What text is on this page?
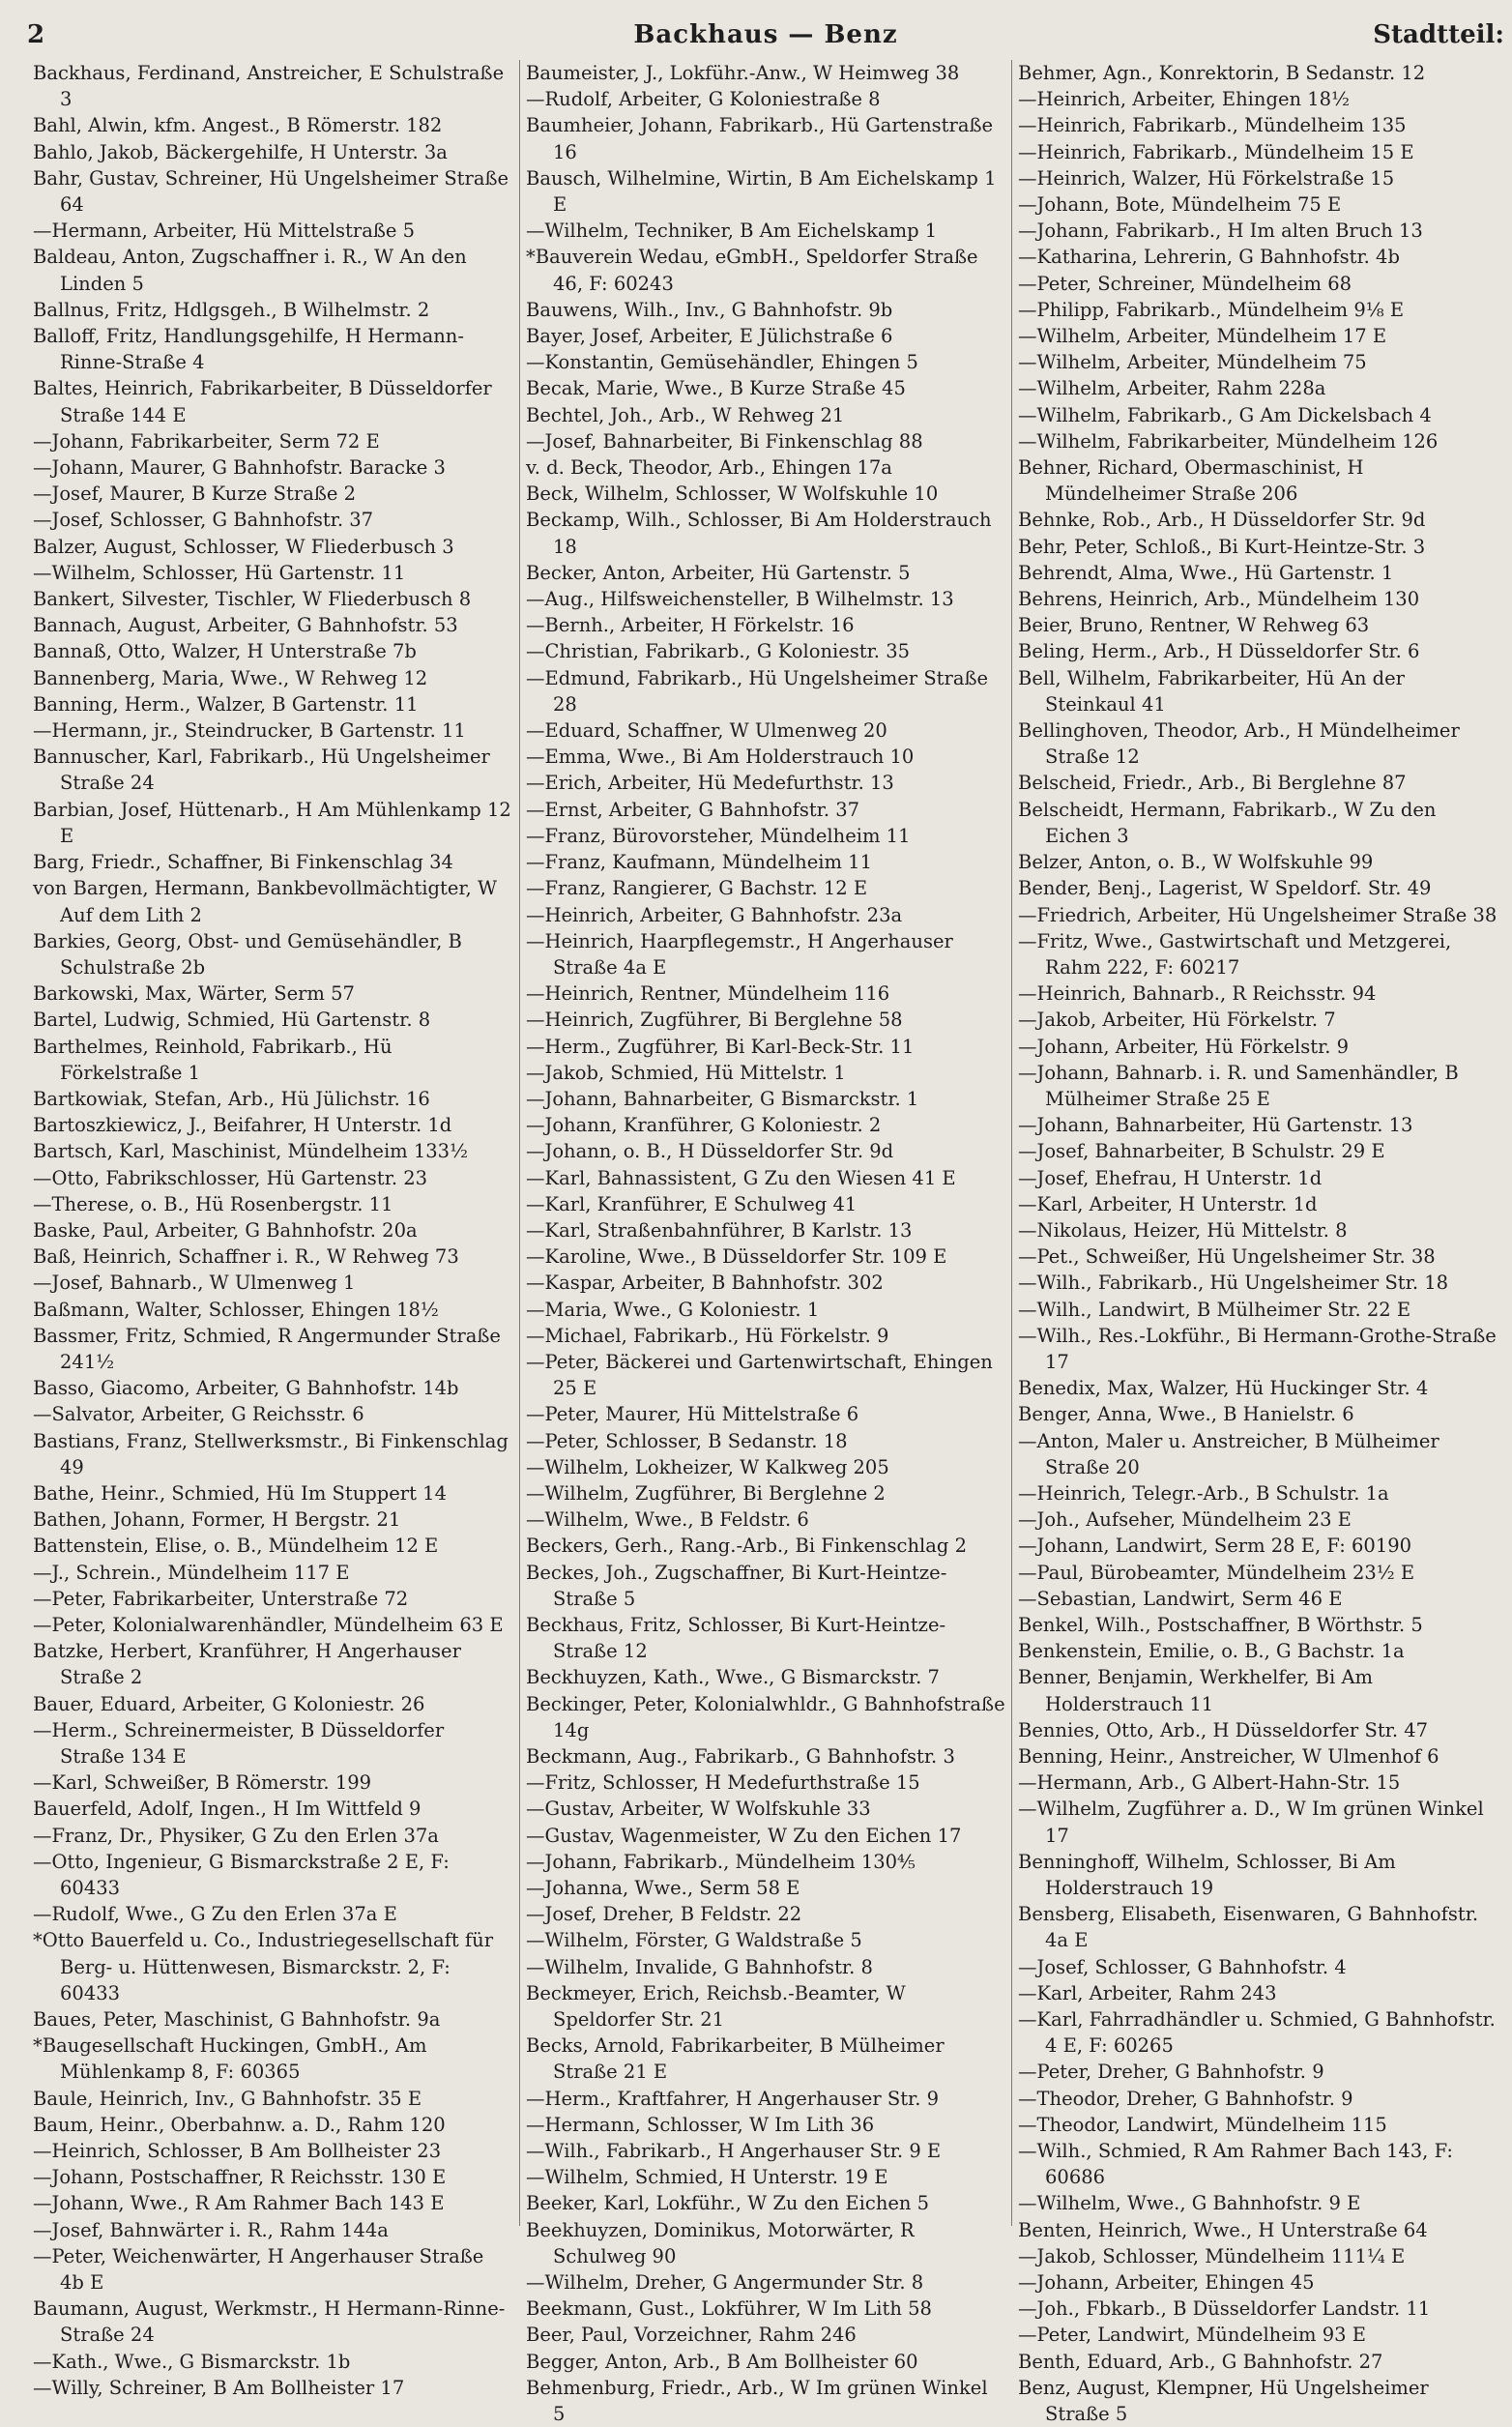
2	Backhaus — Benz	Stadtteil:
Backhaus, Ferdinand, Anstreicher, E Schulstraße 3
Bahl, Alwin, kfm. Angest., B Römerstr. 182
Bahlo, Jakob, Bäckergehilfe, H Unterstr. 3a
Bahr, Gustav, Schreiner, Hü Ungelsheimer Straße 64
—Hermann, Arbeiter, Hü Mittelstraße 5
Baldeau, Anton, Zugschaffner i. R., W An den Linden 5
Ballnus, Fritz, Hdlgsgeh., B Wilhelmstr. 2
Balloff, Fritz, Handlungsgehilfe, H Hermann-Rinne-Straße 4
Baltes, Heinrich, Fabrikarbeiter, B Düsseldorfer Straße 144 E
—Johann, Fabrikarbeiter, Serm 72 E
—Johann, Maurer, G Bahnhofstr. Baracke 3
—Josef, Maurer, B Kurze Straße 2
—Josef, Schlosser, G Bahnhofstr. 37
Balzer, August, Schlosser, W Fliederbusch 3
—Wilhelm, Schlosser, Hü Gartenstr. 11
Bankert, Silvester, Tischler, W Fliederbusch 8
Bannach, August, Arbeiter, G Bahnhofstr. 53
Bannaß, Otto, Walzer, H Unterstraße 7b
Bannenberg, Maria, Wwe., W Rehweg 12
Banning, Herm., Walzer, B Gartenstr. 11
—Hermann, jr., Steindrucker, B Gartenstr. 11
Bannuscher, Karl, Fabrikarb., Hü Ungelsheimer Straße 24
Barbian, Josef, Hüttenarb., H Am Mühlenkamp 12 E
Barg, Friedr., Schaffner, Bi Finkenschlag 34
von Bargen, Hermann, Bankbevollmächtigter, W Auf dem Lith 2
Barkies, Georg, Obst- und Gemüsehändler, B Schulstraße 2b
Barkowski, Max, Wärter, Serm 57
Bartel, Ludwig, Schmied, Hü Gartenstr. 8
Barthelmes, Reinhold, Fabrikarb., Hü Förkelstraße 1
Bartkowiak, Stefan, Arb., Hü Jülichstr. 16
Bartoszkiewicz, J., Beifahrer, H Unterstr. 1d
Bartsch, Karl, Maschinist, Mündelheim 133½
—Otto, Fabrikschlosser, Hü Gartenstr. 23
—Therese, o. B., Hü Rosenbergstr. 11
Baske, Paul, Arbeiter, G Bahnhofstr. 20a
Baß, Heinrich, Schaffner i. R., W Rehweg 73
—Josef, Bahnarb., W Ulmenweg 1
Baßmann, Walter, Schlosser, Ehingen 18½
Bassmer, Fritz, Schmied, R Angermunder Straße 241½
Basso, Giacomo, Arbeiter, G Bahnhofstr. 14b
—Salvator, Arbeiter, G Reichsstr. 6
Bastians, Franz, Stellwerksmstr., Bi Finkenschlag 49
Bathe, Heinr., Schmied, Hü Im Stuppert 14
Bathen, Johann, Former, H Bergstr. 21
Battenstein, Elise, o. B., Mündelheim 12 E
—J., Schrein., Mündelheim 117 E
—Peter, Fabrikarbeiter, Unterstraße 72
—Peter, Kolonialwarenhändler, Mündelheim 63 E
Batzke, Herbert, Kranführer, H Angerhauser Straße 2
Bauer, Eduard, Arbeiter, G Koloniestr. 26
—Herm., Schreinermeister, B Düsseldorfer Straße 134 E
—Karl, Schweißer, B Römerstr. 199
Bauerfeld, Adolf, Ingen., H Im Wittfeld 9
—Franz, Dr., Physiker, G Zu den Erlen 37a
—Otto, Ingenieur, G Bismarckstraße 2 E, F: 60433
—Rudolf, Wwe., G Zu den Erlen 37a E
*Otto Bauerfeld u. Co., Industriegesellschaft für Berg- u. Hüttenwesen, Bismarckstr. 2, F: 60433
Baues, Peter, Maschinist, G Bahnhofstr. 9a
*Baugesellschaft Huckingen, GmbH., Am Mühlenkamp 8, F: 60365
Baule, Heinrich, Inv., G Bahnhofstr. 35 E
Baum, Heinr., Oberbahnw. a. D., Rahm 120
—Heinrich, Schlosser, B Am Bollheister 23
—Johann, Postschaffner, R Reichsstr. 130 E
—Johann, Wwe., R Am Rahmer Bach 143 E
—Josef, Bahnwärter i. R., Rahm 144a
—Peter, Weichenwärter, H Angerhauser Straße 4b E
Baumann, August, Werkmstr., H Hermann-Rinne-Straße 24
—Kath., Wwe., G Bismarckstr. 1b
—Willy, Schreiner, B Am Bollheister 17
Baumeister, J., Lokführ.-Anw., W Heimweg 38
—Rudolf, Arbeiter, G Koloniestraße 8
Baumheier, Johann, Fabrikarb., Hü Gartenstraße 16
Bausch, Wilhelmine, Wirtin, B Am Eichelskamp 1 E
—Wilhelm, Techniker, B Am Eichelskamp 1
*Bauverein Wedau, eGmbH., Speldorfer Straße 46, F: 60243
Bauwens, Wilh., Inv., G Bahnhofstr. 9b
Bayer, Josef, Arbeiter, E Jülichstraße 6
—Konstantin, Gemüsehändler, Ehingen 5
Becak, Marie, Wwe., B Kurze Straße 45
Bechtel, Joh., Arb., W Rehweg 21
—Josef, Bahnarbeiter, Bi Finkenschlag 88
v. d. Beck, Theodor, Arb., Ehingen 17a
Beck, Wilhelm, Schlosser, W Wolfskuhle 10
Beckamp, Wilh., Schlosser, Bi Am Holderstrauch 18
Becker, Anton, Arbeiter, Hü Gartenstr. 5
—Aug., Hilfsweichensteller, B Wilhelmstr. 13
—Bernh., Arbeiter, H Förkelstr. 16
—Christian, Fabrikarb., G Koloniestr. 35
—Edmund, Fabrikarb., Hü Ungelsheimer Straße 28
—Eduard, Schaffner, W Ulmenweg 20
—Emma, Wwe., Bi Am Holderstrauch 10
—Erich, Arbeiter, Hü Medefurthstr. 13
—Ernst, Arbeiter, G Bahnhofstr. 37
—Franz, Bürovorsteher, Mündelheim 11
—Franz, Kaufmann, Mündelheim 11
—Franz, Rangierer, G Bachstr. 12 E
—Heinrich, Arbeiter, G Bahnhofstr. 23a
—Heinrich, Haarpflegemstr., H Angerhauser Straße 4a E
—Heinrich, Rentner, Mündelheim 116
—Heinrich, Zugführer, Bi Berglehne 58
—Herm., Zugführer, Bi Karl-Beck-Str. 11
—Jakob, Schmied, Hü Mittelstr. 1
—Johann, Bahnarbeiter, G Bismarckstr. 1
—Johann, Kranführer, G Koloniestr. 2
—Johann, o. B., H Düsseldorfer Str. 9d
—Karl, Bahnassistent, G Zu den Wiesen 41 E
—Karl, Kranführer, E Schulweg 41
—Karl, Straßenbahnführer, B Karlstr. 13
—Karoline, Wwe., B Düsseldorfer Str. 109 E
—Kaspar, Arbeiter, B Bahnhofstr. 302
—Maria, Wwe., G Koloniestr. 1
—Michael, Fabrikarb., Hü Förkelstr. 9
—Peter, Bäckerei und Gartenwirtschaft, Ehingen 25 E
—Peter, Maurer, Hü Mittelstraße 6
—Peter, Schlosser, B Sedanstr. 18
—Wilhelm, Lokheizer, W Kalkweg 205
—Wilhelm, Zugführer, Bi Berglehne 2
—Wilhelm, Wwe., B Feldstr. 6
Beckers, Gerh., Rang.-Arb., Bi Finkenschlag 2
Beckes, Joh., Zugschaffner, Bi Kurt-Heintze-Straße 5
Beckhaus, Fritz, Schlosser, Bi Kurt-Heintze-Straße 12
Beckhuyzen, Kath., Wwe., G Bismarckstr. 7
Beckinger, Peter, Kolonialwhldr., G Bahnhofstraße 14g
Beckmann, Aug., Fabrikarb., G Bahnhofstr. 3
—Fritz, Schlosser, H Medefurthstraße 15
—Gustav, Arbeiter, W Wolfskuhle 33
—Gustav, Wagenmeister, W Zu den Eichen 17
—Johann, Fabrikarb., Mündelheim 130⅘
—Johanna, Wwe., Serm 58 E
—Josef, Dreher, B Feldstr. 22
—Wilhelm, Förster, G Waldstraße 5
—Wilhelm, Invalide, G Bahnhofstr. 8
Beckmeyer, Erich, Reichsb.-Beamter, W Speldorfer Str. 21
Becks, Arnold, Fabrikarbeiter, B Mülheimer Straße 21 E
—Herm., Kraftfahrer, H Angerhauser Str. 9
—Hermann, Schlosser, W Im Lith 36
—Wilh., Fabrikarb., H Angerhauser Str. 9 E
—Wilhelm, Schmied, H Unterstr. 19 E
Beeker, Karl, Lokführ., W Zu den Eichen 5
Beekhuyzen, Dominikus, Motorwärter, R Schulweg 90
—Wilhelm, Dreher, G Angermunder Str. 8
Beekmann, Gust., Lokführer, W Im Lith 58
Beer, Paul, Vorzeichner, Rahm 246
Begger, Anton, Arb., B Am Bollheister 60
Behmenburg, Friedr., Arb., W Im grünen Winkel 5
Behmer, Agn., Konrektorin, B Sedanstr. 12
—Heinrich, Arbeiter, Ehingen 18½
—Heinrich, Fabrikarb., Mündelheim 135
—Heinrich, Fabrikarb., Mündelheim 15 E
—Heinrich, Walzer, Hü Förkelstraße 15
—Johann, Bote, Mündelheim 75 E
—Johann, Fabrikarb., H Im alten Bruch 13
—Katharina, Lehrerin, G Bahnhofstr. 4b
—Peter, Schreiner, Mündelheim 68
—Philipp, Fabrikarb., Mündelheim 9⅛ E
—Wilhelm, Arbeiter, Mündelheim 17 E
—Wilhelm, Arbeiter, Mündelheim 75
—Wilhelm, Arbeiter, Rahm 228a
—Wilhelm, Fabrikarb., G Am Dickelsbach 4
—Wilhelm, Fabrikarbeiter, Mündelheim 126
Behner, Richard, Obermaschinist, H Mündelheimer Straße 206
Behnke, Rob., Arb., H Düsseldorfer Str. 9d
Behr, Peter, Schloß., Bi Kurt-Heintze-Str. 3
Behrendt, Alma, Wwe., Hü Gartenstr. 1
Behrens, Heinrich, Arb., Mündelheim 130
Beier, Bruno, Rentner, W Rehweg 63
Beling, Herm., Arb., H Düsseldorfer Str. 6
Bell, Wilhelm, Fabrikarbeiter, Hü An der Steinkaul 41
Bellinghoven, Theodor, Arb., H Mündelheimer Straße 12
Belscheid, Friedr., Arb., Bi Berglehne 87
Belscheidt, Hermann, Fabrikarb., W Zu den Eichen 3
Belzer, Anton, o. B., W Wolfskuhle 99
Bender, Benj., Lagerist, W Speldorf. Str. 49
—Friedrich, Arbeiter, Hü Ungelsheimer Straße 38
—Fritz, Wwe., Gastwirtschaft und Metzgerei, Rahm 222, F: 60217
—Heinrich, Bahnarb., R Reichsstr. 94
—Jakob, Arbeiter, Hü Förkelstr. 7
—Johann, Arbeiter, Hü Förkelstr. 9
—Johann, Bahnarb. i. R. und Samenhändler, B Mülheimer Straße 25 E
—Johann, Bahnarbeiter, Hü Gartenstr. 13
—Josef, Bahnarbeiter, B Schulstr. 29 E
—Josef, Ehefrau, H Unterstr. 1d
—Karl, Arbeiter, H Unterstr. 1d
—Nikolaus, Heizer, Hü Mittelstr. 8
—Pet., Schweißer, Hü Ungelsheimer Str. 38
—Wilh., Fabrikarb., Hü Ungelsheimer Str. 18
—Wilh., Landwirt, B Mülheimer Str. 22 E
—Wilh., Res.-Lokführ., Bi Hermann-Grothe-Straße 17
Benedix, Max, Walzer, Hü Huckinger Str. 4
Benger, Anna, Wwe., B Hanielstr. 6
—Anton, Maler u. Anstreicher, B Mülheimer Straße 20
—Heinrich, Telegr.-Arb., B Schulstr. 1a
—Joh., Aufseher, Mündelheim 23 E
—Johann, Landwirt, Serm 28 E, F: 60190
—Paul, Bürobeamter, Mündelheim 23½ E
—Sebastian, Landwirt, Serm 46 E
Benkel, Wilh., Postschaffner, B Wörthstr. 5
Benkenstein, Emilie, o. B., G Bachstr. 1a
Benner, Benjamin, Werkhelfer, Bi Am Holderstrauch 11
Bennies, Otto, Arb., H Düsseldorfer Str. 47
Benning, Heinr., Anstreicher, W Ulmenhof 6
—Hermann, Arb., G Albert-Hahn-Str. 15
—Wilhelm, Zugführer a. D., W Im grünen Winkel 17
Benninghoff, Wilhelm, Schlosser, Bi Am Holderstrauch 19
Bensberg, Elisabeth, Eisenwaren, G Bahnhofstr. 4a E
—Josef, Schlosser, G Bahnhofstr. 4
—Karl, Arbeiter, Rahm 243
—Karl, Fahrradhändler u. Schmied, G Bahnhofstr. 4 E, F: 60265
—Peter, Dreher, G Bahnhofstr. 9
—Theodor, Dreher, G Bahnhofstr. 9
—Theodor, Landwirt, Mündelheim 115
—Wilh., Schmied, R Am Rahmer Bach 143, F: 60686
—Wilhelm, Wwe., G Bahnhofstr. 9 E
Benten, Heinrich, Wwe., H Unterstraße 64
—Jakob, Schlosser, Mündelheim 111¼ E
—Johann, Arbeiter, Ehingen 45
—Joh., Fbkarb., B Düsseldorfer Landstr. 11
—Peter, Landwirt, Mündelheim 93 E
Benth, Eduard, Arb., G Bahnhofstr. 27
Benz, August, Klempner, Hü Ungelsheimer Straße 5
